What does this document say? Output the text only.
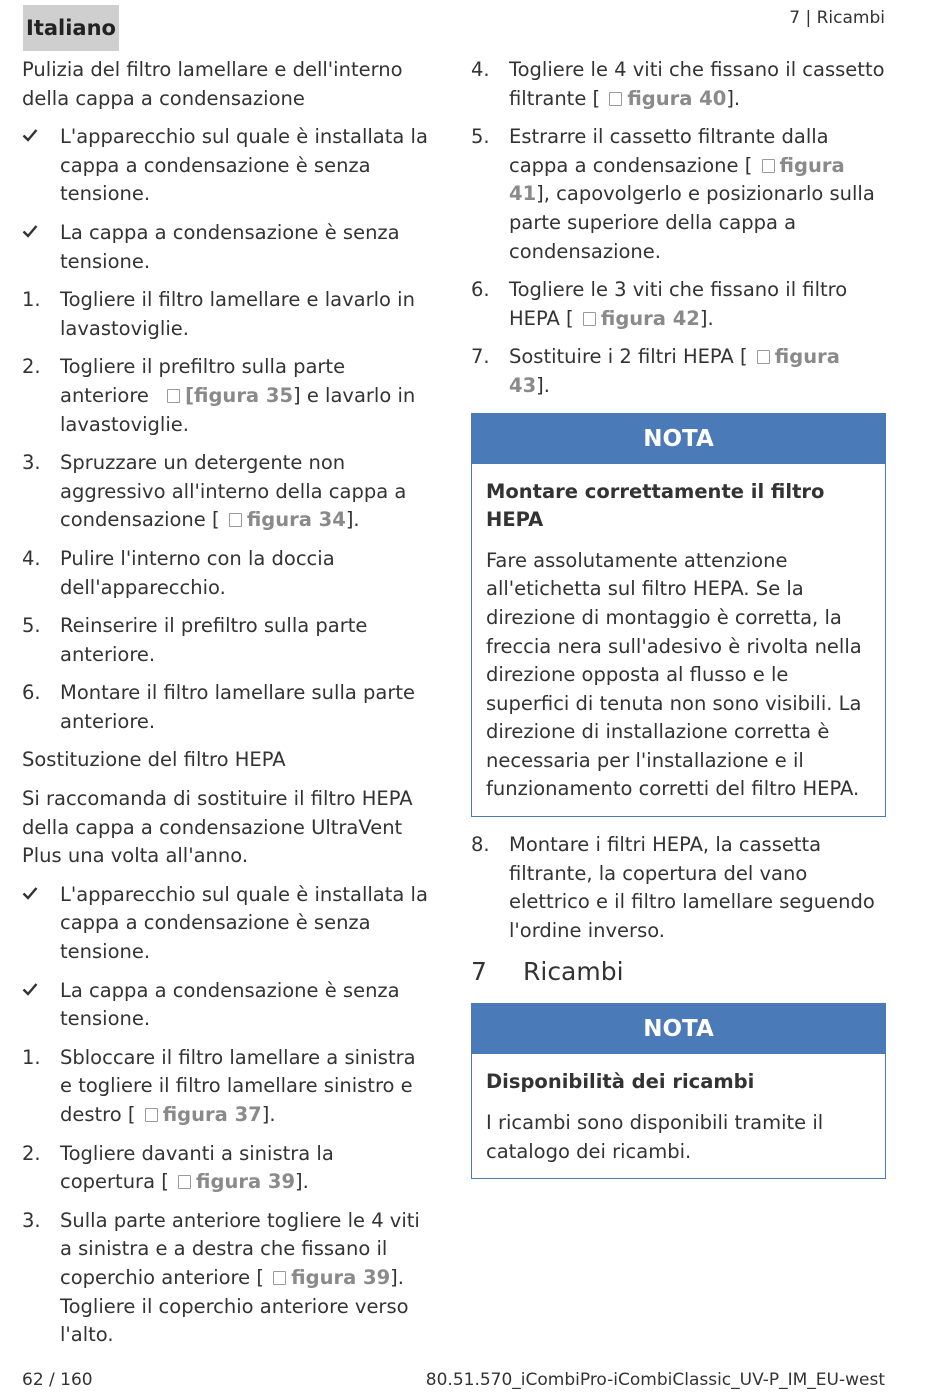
Italiano	7 | Ricambi
Pulizia del filtro lamellare e dell'interno della cappa a condensazione
L'apparecchio sul quale è installata la cappa a condensazione è senza tensione.
La cappa a condensazione è senza tensione.
1. Togliere il filtro lamellare e lavarlo in lavastoviglie.
2. Togliere il prefiltro sulla parte anteriore [figura 35] e lavarlo in lavastoviglie.
3. Spruzzare un detergente non aggressivo all'interno della cappa a condensazione [ figura 34].
4. Pulire l'interno con la doccia dell'apparecchio.
5. Reinserire il prefiltro sulla parte anteriore.
6. Montare il filtro lamellare sulla parte anteriore.
Sostituzione del filtro HEPA
Si raccomanda di sostituire il filtro HEPA della cappa a condensazione UltraVent Plus una volta all'anno.
L'apparecchio sul quale è installata la cappa a condensazione è senza tensione.
La cappa a condensazione è senza tensione.
1. Sbloccare il filtro lamellare a sinistra e togliere il filtro lamellare sinistro e destro [ figura 37].
2. Togliere davanti a sinistra la copertura [ figura 39].
3. Sulla parte anteriore togliere le 4 viti a sinistra e a destra che fissano il coperchio anteriore [ figura 39]. Togliere il coperchio anteriore verso l'alto.
4. Togliere le 4 viti che fissano il cassetto filtrante [ figura 40].
5. Estrarre il cassetto filtrante dalla cappa a condensazione [ figura 41], capovolgerlo e posizionarlo sulla parte superiore della cappa a condensazione.
6. Togliere le 3 viti che fissano il filtro HEPA [ figura 42].
7. Sostituire i 2 filtri HEPA [ figura 43].
NOTA
Montare correttamente il filtro HEPA
Fare assolutamente attenzione all'etichetta sul filtro HEPA. Se la direzione di montaggio è corretta, la freccia nera sull'adesivo è rivolta nella direzione opposta al flusso e le superfici di tenuta non sono visibili. La direzione di installazione corretta è necessaria per l'installazione e il funzionamento corretti del filtro HEPA.
8. Montare i filtri HEPA, la cassetta filtrante, la copertura del vano elettrico e il filtro lamellare seguendo l'ordine inverso.
7	Ricambi
NOTA
Disponibilità dei ricambi
I ricambi sono disponibili tramite il catalogo dei ricambi.
62 / 160	80.51.570_iCombiPro-iCombiClassic_UV-P_IM_EU-west
